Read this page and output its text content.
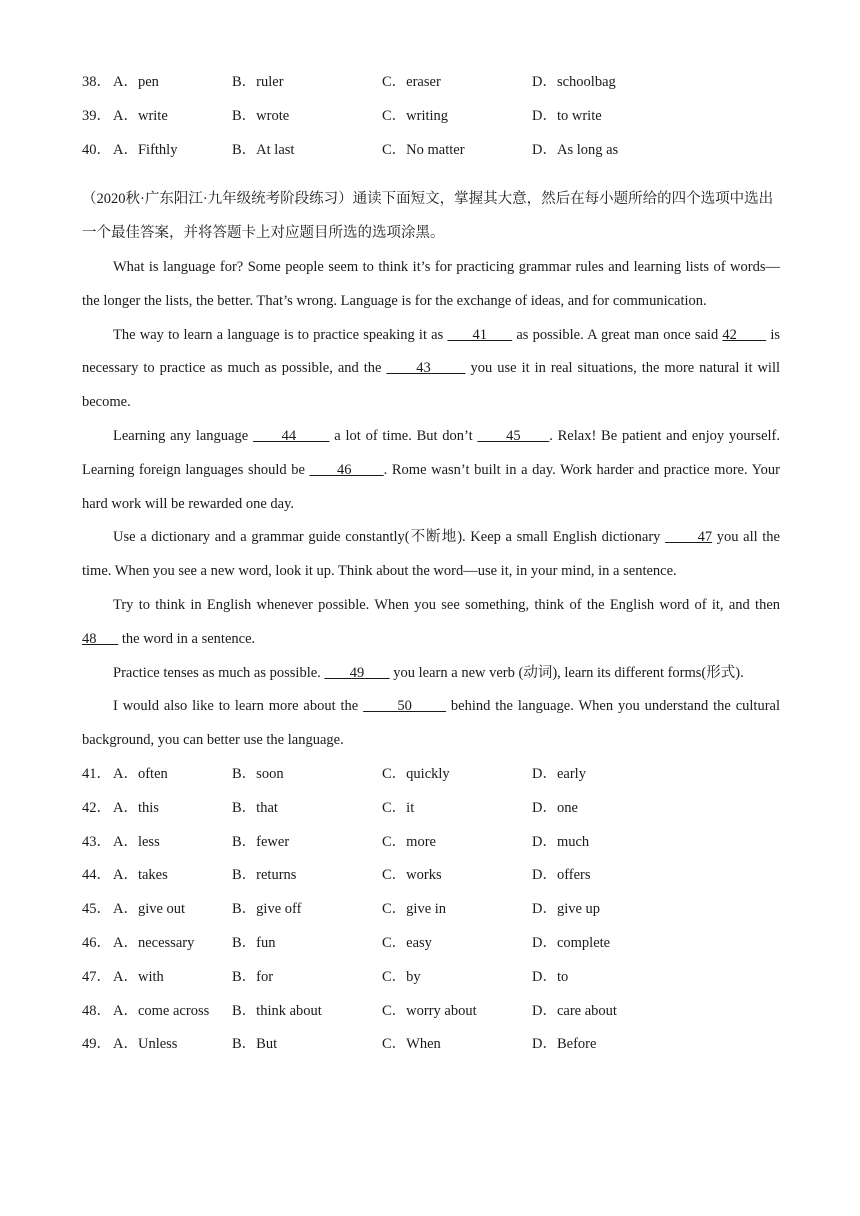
38． A．pen	B．ruler	C．eraser	D．schoolbag
39． A．write	B．wrote	C．writing	D．to write
40． A．Fifthly	B．At last	C．No matter	D．As long as

（2020秋·广东阳江·九年级统考阶段练习）通读下面短文，掌握其大意，然后在每小题所给的四个选项中选出一个最佳答案，并将答题卡上对应题目所选的选项涂黑。

What is language for? Some people seem to think it’s for practicing grammar rules and learning lists of words—the longer the lists, the better. That’s wrong. Language is for the exchange of ideas, and for communication.

The way to learn a language is to practice speaking it as       41       as possible. A great man once said 42        is necessary to practice as much as possible, and the       43        you use it in real situations, the more natural it will become.

Learning any language       44        a lot of time. But don’t       45      . Relax! Be patient and enjoy yourself. Learning foreign languages should be       46       . Rome wasn’t built in a day. Work harder and practice more. Your hard work will be rewarded one day.

Use a dictionary and a grammar guide constantly(不断地). Keep a small English dictionary        47 you all the time. When you see a new word, look it up. Think about the word—use it, in your mind, in a sentence.

Try to think in English whenever possible. When you see something, think of the English word of it, and then 48       the word in a sentence.

Practice tenses as much as possible.        49        you learn a new verb (动词), learn its different forms(形式).

I would also like to learn more about the        50        behind the language. When you understand the cultural background, you can better use the language.

41． A．often	B．soon	C．quickly	D．early
42． A．this	B．that	C．it	D．one
43． A．less	B．fewer	C．more	D．much
44． A．takes	B．returns	C．works	D．offers
45． A．give out	B．give off	C．give in	D．give up
46． A．necessary	B．fun	C．easy	D．complete
47． A．with	B．for	C．by	D．to
48． A．come across B．think about	C．worry about	D．care about
49． A．Unless	B．But	C．When	D．Before
